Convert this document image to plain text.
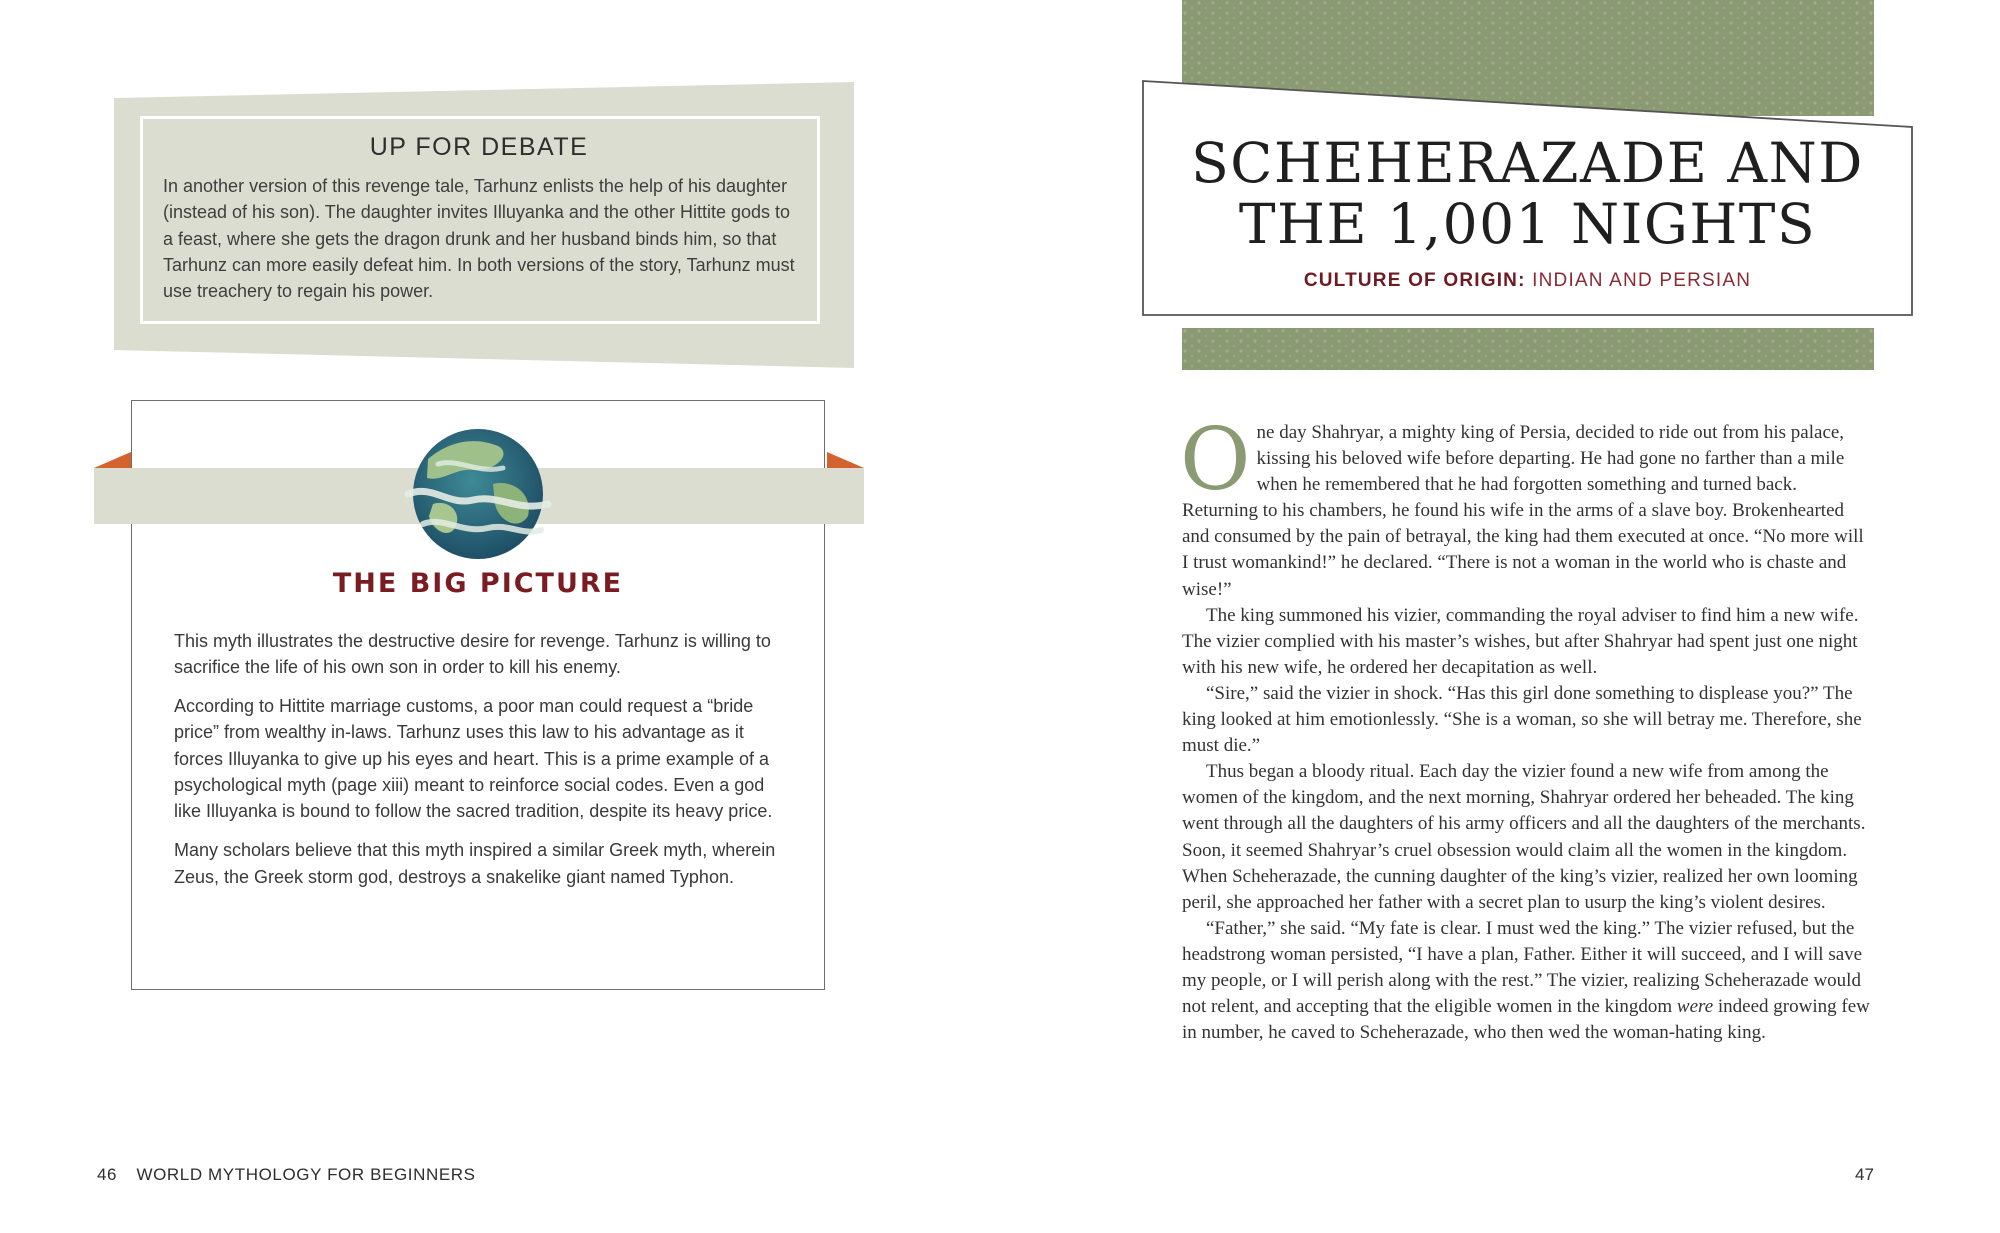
UP FOR DEBATE

In another version of this revenge tale, Tarhunz enlists the help of his daughter (instead of his son). The daughter invites Illuyanka and the other Hittite gods to a feast, where she gets the dragon drunk and her husband binds him, so that Tarhunz can more easily defeat him. In both versions of the story, Tarhunz must use treachery to regain his power.

THE BIG PICTURE

This myth illustrates the destructive desire for revenge. Tarhunz is willing to sacrifice the life of his own son in order to kill his enemy.

According to Hittite marriage customs, a poor man could request a “bride price” from wealthy in-laws. Tarhunz uses this law to his advantage as it forces Illuyanka to give up his eyes and heart. This is a prime example of a psychological myth (page xiii) meant to reinforce social codes. Even a god like Illuyanka is bound to follow the sacred tradition, despite its heavy price.

Many scholars believe that this myth inspired a similar Greek myth, wherein Zeus, the Greek storm god, destroys a snakelike giant named Typhon.

46 WORLD MYTHOLOGY FOR BEGINNERS
SCHEHERAZADE AND
THE 1,001 NIGHTS
CULTURE OF ORIGIN: INDIAN AND PERSIAN

One day Shahryar, a mighty king of Persia, decided to ride out from his palace, kissing his beloved wife before departing. He had gone no farther than a mile when he remembered that he had forgotten something and turned back. Returning to his chambers, he found his wife in the arms of a slave boy. Brokenhearted and consumed by the pain of betrayal, the king had them executed at once. “No more will I trust womankind!” he declared. “There is not a woman in the world who is chaste and wise!”

The king summoned his vizier, commanding the royal adviser to find him a new wife. The vizier complied with his master’s wishes, but after Shahryar had spent just one night with his new wife, he ordered her decapitation as well.

“Sire,” said the vizier in shock. “Has this girl done something to displease you?” The king looked at him emotionlessly. “She is a woman, so she will betray me. Therefore, she must die.”

Thus began a bloody ritual. Each day the vizier found a new wife from among the women of the kingdom, and the next morning, Shahryar ordered her beheaded. The king went through all the daughters of his army officers and all the daughters of the merchants. Soon, it seemed Shahryar’s cruel obsession would claim all the women in the kingdom. When Scheherazade, the cunning daughter of the king’s vizier, realized her own looming peril, she approached her father with a secret plan to usurp the king’s violent desires.

“Father,” she said. “My fate is clear. I must wed the king.” The vizier refused, but the headstrong woman persisted, “I have a plan, Father. Either it will succeed, and I will save my people, or I will perish along with the rest.” The vizier, realizing Scheherazade would not relent, and accepting that the eligible women in the kingdom were indeed growing few in number, he caved to Scheherazade, who then wed the woman-hating king.

47
